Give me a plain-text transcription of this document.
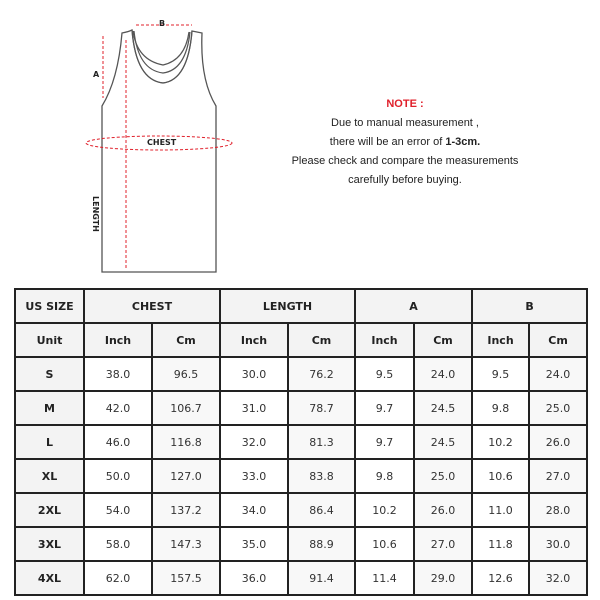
B
A
CHEST
LENGTH
NOTE :
Due to manual measurement ,
there will be an error of 1-3cm.
Please check and compare the measurements
carefully before buying.
US SIZE	CHEST		LENGTH		A		B	
Unit	Inch	Cm	Inch	Cm	Inch	Cm	Inch	Cm
S	38.0	96.5	30.0	76.2	9.5	24.0	9.5	24.0
M	42.0	106.7	31.0	78.7	9.7	24.5	9.8	25.0
L	46.0	116.8	32.0	81.3	9.7	24.5	10.2	26.0
XL	50.0	127.0	33.0	83.8	9.8	25.0	10.6	27.0
2XL	54.0	137.2	34.0	86.4	10.2	26.0	11.0	28.0
3XL	58.0	147.3	35.0	88.9	10.6	27.0	11.8	30.0
4XL	62.0	157.5	36.0	91.4	11.4	29.0	12.6	32.0
